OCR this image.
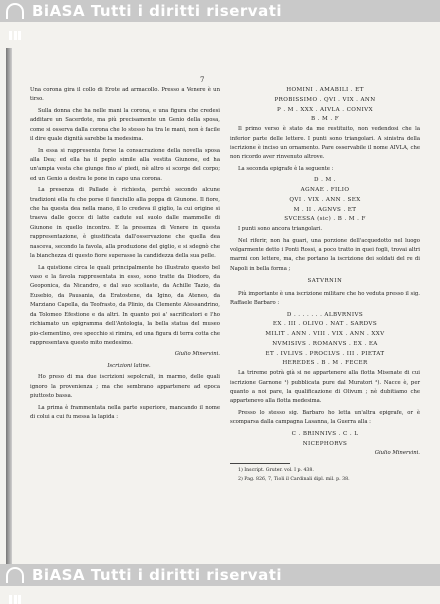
BiASA Tutti i diritti riservati
7

Una corona gira il collo di Erote ad armacollo. Presso a Venere è un tirso.

Sulla donna che ha nelle mani la corona, e una figura che credesi additare un Sacerdote, ma più precisamente un Genio della sposa, come si osserva dalla corona che lo stesso ha tra le mani, non è facile il dire quale dignità sarebbe la medesima.

In essa si rappresenta forse la consacrazione della novella sposa alla Dea; ed ella ha il peplo simile alla vestita Giunone, ed ha un'ampia vesta che giunge fino a' piedi, nè altro si scorge del corpo; ed un Genio a destra le pone in capo una corona.

La presenza di Pallade è richiesta, perchè secondo alcune tradizioni ella fu che porse il fanciullo alla poppa di Giunone. Il fiore, che ha questa dea nella mano, il lo credeva il giglio, la cui origine si traeva dalle gocce di latte cadute sul suolo dalle mammelle di Giunone in quello incontro. E la presenza di Venere in questa rappresentazione, è giustificata dall'osservazione che quella dea nasceva, secondo la favola, alla produzione del giglio, e si sdegnò che la bianchezza di questo fiore superasse la candidezza della sua pelle.

La quistione circa le quali principalmente ho illustrato questo bel vaso e la favola rappresentata in esso, sono tratte da Diodoro, da Geoponica, da Nicandro, e dal suo scoliaste, da Achille Tazio, da Eusebio, da Pausania, da Eratostene, da Igino, da Ateneo, da Marziano Capella, da Teofrasto, da Plinio, da Clemente Alessandrino, da Tolomeo Efestione e da altri. In quanto poi a' sacrificatori e l'ho richiamato un epigramma dell'Antologia, la bella statua del museo pio-clementino, ove specchio si rimira, ed una figura di terra cotta che rappresentava questo mito medesimo.

Giulio Minervini.

Iscrizioni latine.

Ho preso di ma due iscrizioni sepolcrali, in marmo, delle quali ignoro la provenienza ; ma che sembrano appartenere ad epoca piuttosto bassa.

La prima è frammentata nella parte superiore, mancando il nome di colui a cui fu messa la lapida :

HOMINI . AMABILI . ET
PROBISSIMO . QVI . VIX . ANN
P . M . XXX . AIVLA . CONIVX
B . M . F

Il primo verso è stato da me restituito, non vedendosi che la inferior parte delle lettere. I punti sono triangolari. A sinistra della iscrizione è inciso un ornamento. Pare osservabile il nome AIVLA, che non ricordo aver rinvenuto altrove.

La seconda epigrafe è la seguente :

D . M .
AGNAE . FILIO
QVI . VIX . ANN . SEX
M . II . AGNVS . ET
SVCESSA (sic) . B . M . F

I punti sono ancora triangolari.

Nel riferir, non ha guari, una porzione dell'acquedotto nel luogo volgarmente detto i Ponti Rossi, a poco tratto in quei fogli, trovai altri marmi con lettere, ma, che portano la iscrizione dei soldati del re di Napoli in bella forma ;

SATVRNIN

Più importante è una iscrizione militare che ho veduta presso il sig. Raffaele Barbaro :

D . . . . . . . ALBVRNIVS
EX . III . OLIVO . NAT . SARDVS
MILIT . ANN . VIII . VIX . ANN . XXV
NVMISIVS . ROMANVS . EX . EA
ET . IVLIVS . PROCLVS . III . PIETAT
HEREDES . B . M . FECER

La trireme potrà già si ne appartenere alla flotta Misenate di cui iscrizione Garnone ¹) pubblicata pure dal Muratori ²). Nacce è, per quanto a noi pare, la qualificazione di Olivum ; nè dubitiamo che appartenevo alla flotta medesima.

Presso lo stesso sig. Barbaro ho letta un'altra epigrafe, or è scomparsa dalla campagna Lasanna, la Guerra alla :

C . BRINNIVS . C . L
NICEPHORVS

Giulio Minervini.

1) Inscript. Gruter. vol. I p. 438.

2) Pag. 826, 7, Tioli il Cardinali dipl. mil. p. 38.

BiASA Tutti i diritti riservati
